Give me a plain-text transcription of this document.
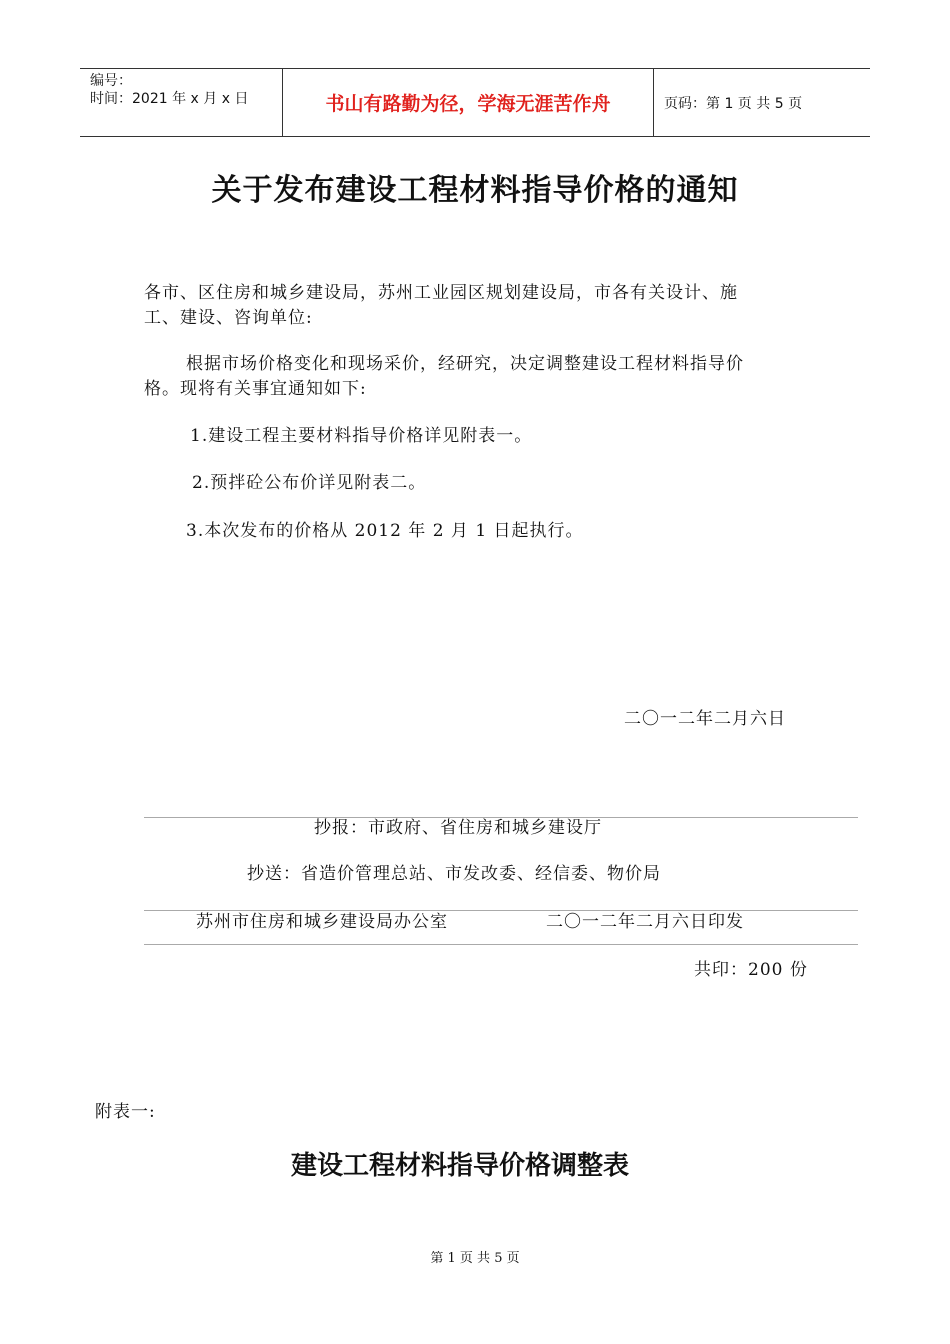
编号：
时间：2021 年 x 月 x 日	书山有路勤为径，学海无涯苦作舟	页码：第 1 页 共 5 页
关于发布建设工程材料指导价格的通知
各市、区住房和城乡建设局，苏州工业园区规划建设局，市各有关设计、施
工、建设、咨询单位:
根据市场价格变化和现场采价，经研究，决定调整建设工程材料指导价
格。现将有关事宜通知如下:
1.建设工程主要材料指导价格详见附表一。
2.预拌砼公布价详见附表二。
3.本次发布的价格从 2012 年 2 月 1 日起执行。
二〇一二年二月六日
抄报：市政府、省住房和城乡建设厅
抄送：省造价管理总站、市发改委、经信委、物价局
苏州市住房和城乡建设局办公室	二〇一二年二月六日印发
共印：200 份
附表一:
建设工程材料指导价格调整表
第 1 页 共 5 页
